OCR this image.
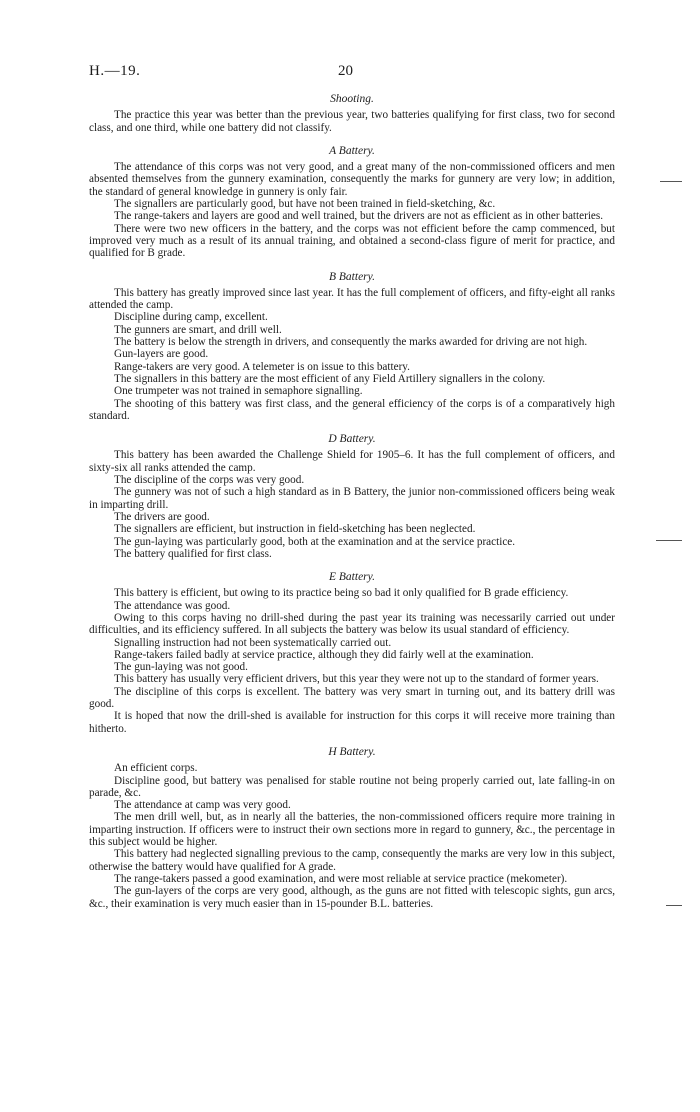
H.—19.	20
Shooting.

The practice this year was better than the previous year, two batteries qualifying for first class, two for second class, and one third, while one battery did not classify.

A Battery.

The attendance of this corps was not very good, and a great many of the non-commissioned officers and men absented themselves from the gunnery examination, consequently the marks for gunnery are very low; in addition, the standard of general knowledge in gunnery is only fair.

The signallers are particularly good, but have not been trained in field-sketching, &c.

The range-takers and layers are good and well trained, but the drivers are not as efficient as in other batteries.

There were two new officers in the battery, and the corps was not efficient before the camp commenced, but improved very much as a result of its annual training, and obtained a second-class figure of merit for practice, and qualified for B grade.

B Battery.

This battery has greatly improved since last year. It has the full complement of officers, and fifty-eight all ranks attended the camp.

Discipline during camp, excellent.

The gunners are smart, and drill well.

The battery is below the strength in drivers, and consequently the marks awarded for driving are not high.

Gun-layers are good.

Range-takers are very good. A telemeter is on issue to this battery.

The signallers in this battery are the most efficient of any Field Artillery signallers in the colony.

One trumpeter was not trained in semaphore signalling.

The shooting of this battery was first class, and the general efficiency of the corps is of a comparatively high standard.

D Battery.

This battery has been awarded the Challenge Shield for 1905–6. It has the full complement of officers, and sixty-six all ranks attended the camp.

The discipline of the corps was very good.

The gunnery was not of such a high standard as in B Battery, the junior non-commissioned officers being weak in imparting drill.

The drivers are good.

The signallers are efficient, but instruction in field-sketching has been neglected.

The gun-laying was particularly good, both at the examination and at the service practice.

The battery qualified for first class.

E Battery.

This battery is efficient, but owing to its practice being so bad it only qualified for B grade efficiency.

The attendance was good.

Owing to this corps having no drill-shed during the past year its training was necessarily carried out under difficulties, and its efficiency suffered. In all subjects the battery was below its usual standard of efficiency.

Signalling instruction had not been systematically carried out.

Range-takers failed badly at service practice, although they did fairly well at the examination.

The gun-laying was not good.

This battery has usually very efficient drivers, but this year they were not up to the standard of former years.

The discipline of this corps is excellent. The battery was very smart in turning out, and its battery drill was good.

It is hoped that now the drill-shed is available for instruction for this corps it will receive more training than hitherto.

H Battery.

An efficient corps.

Discipline good, but battery was penalised for stable routine not being properly carried out, late falling-in on parade, &c.

The attendance at camp was very good.

The men drill well, but, as in nearly all the batteries, the non-commissioned officers require more training in imparting instruction. If officers were to instruct their own sections more in regard to gunnery, &c., the percentage in this subject would be higher.

This battery had neglected signalling previous to the camp, consequently the marks are very low in this subject, otherwise the battery would have qualified for A grade.

The range-takers passed a good examination, and were most reliable at service practice (mekometer).

The gun-layers of the corps are very good, although, as the guns are not fitted with telescopic sights, gun arcs, &c., their examination is very much easier than in 15-pounder B.L. batteries.
